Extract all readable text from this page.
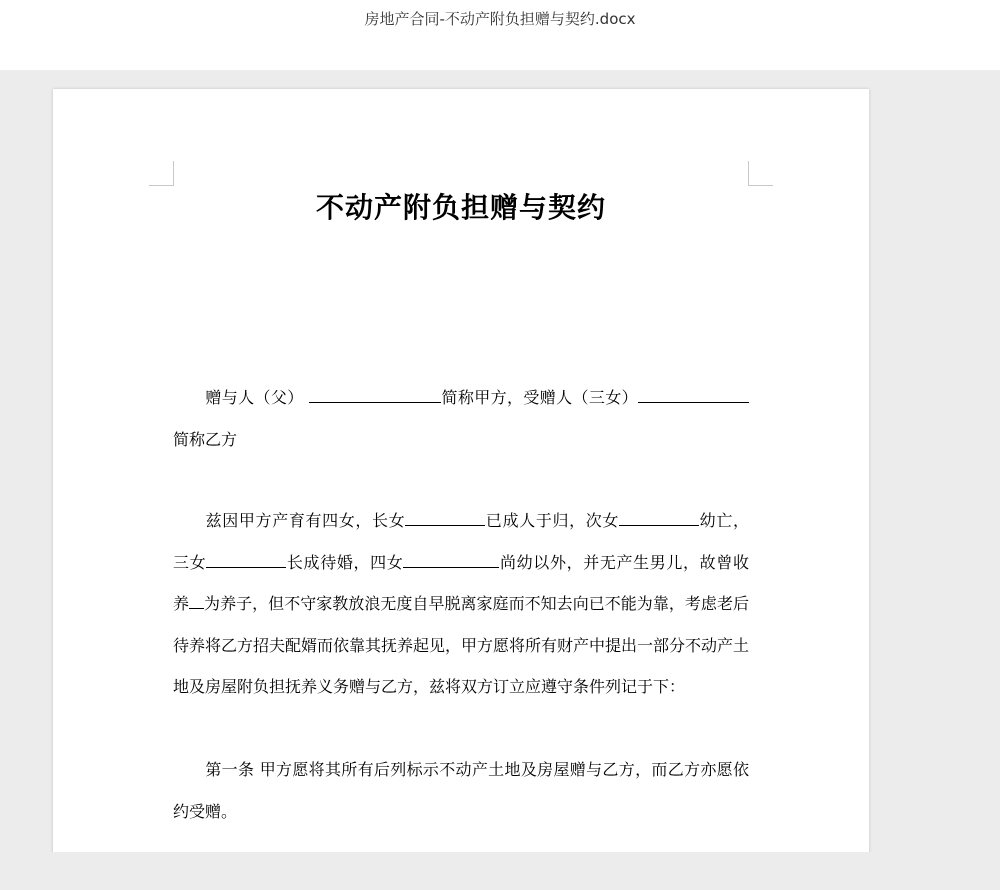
房地产合同-不动产附负担赠与契约.docx
不动产附负担赠与契约
赠与人（父）	简称甲方，受赠人（三女）简称乙方
兹因甲方产育有四女，长女	已成人于归，次女	幼亡，三女	长成待婚，四女	尚幼以外，并无产生男儿，故曾收养 为养子，但不守家教放浪无度自早脱离家庭而不知去向已不能为靠，考虑老后待养将乙方招夫配婿而依靠其抚养起见，甲方愿将所有财产中提出一部分不动产土地及房屋附负担抚养义务赠与乙方，兹将双方订立应遵守条件列记于下：
第一条 甲方愿将其所有后列标示不动产土地及房屋赠与乙方，而乙方亦愿依约受赠。
